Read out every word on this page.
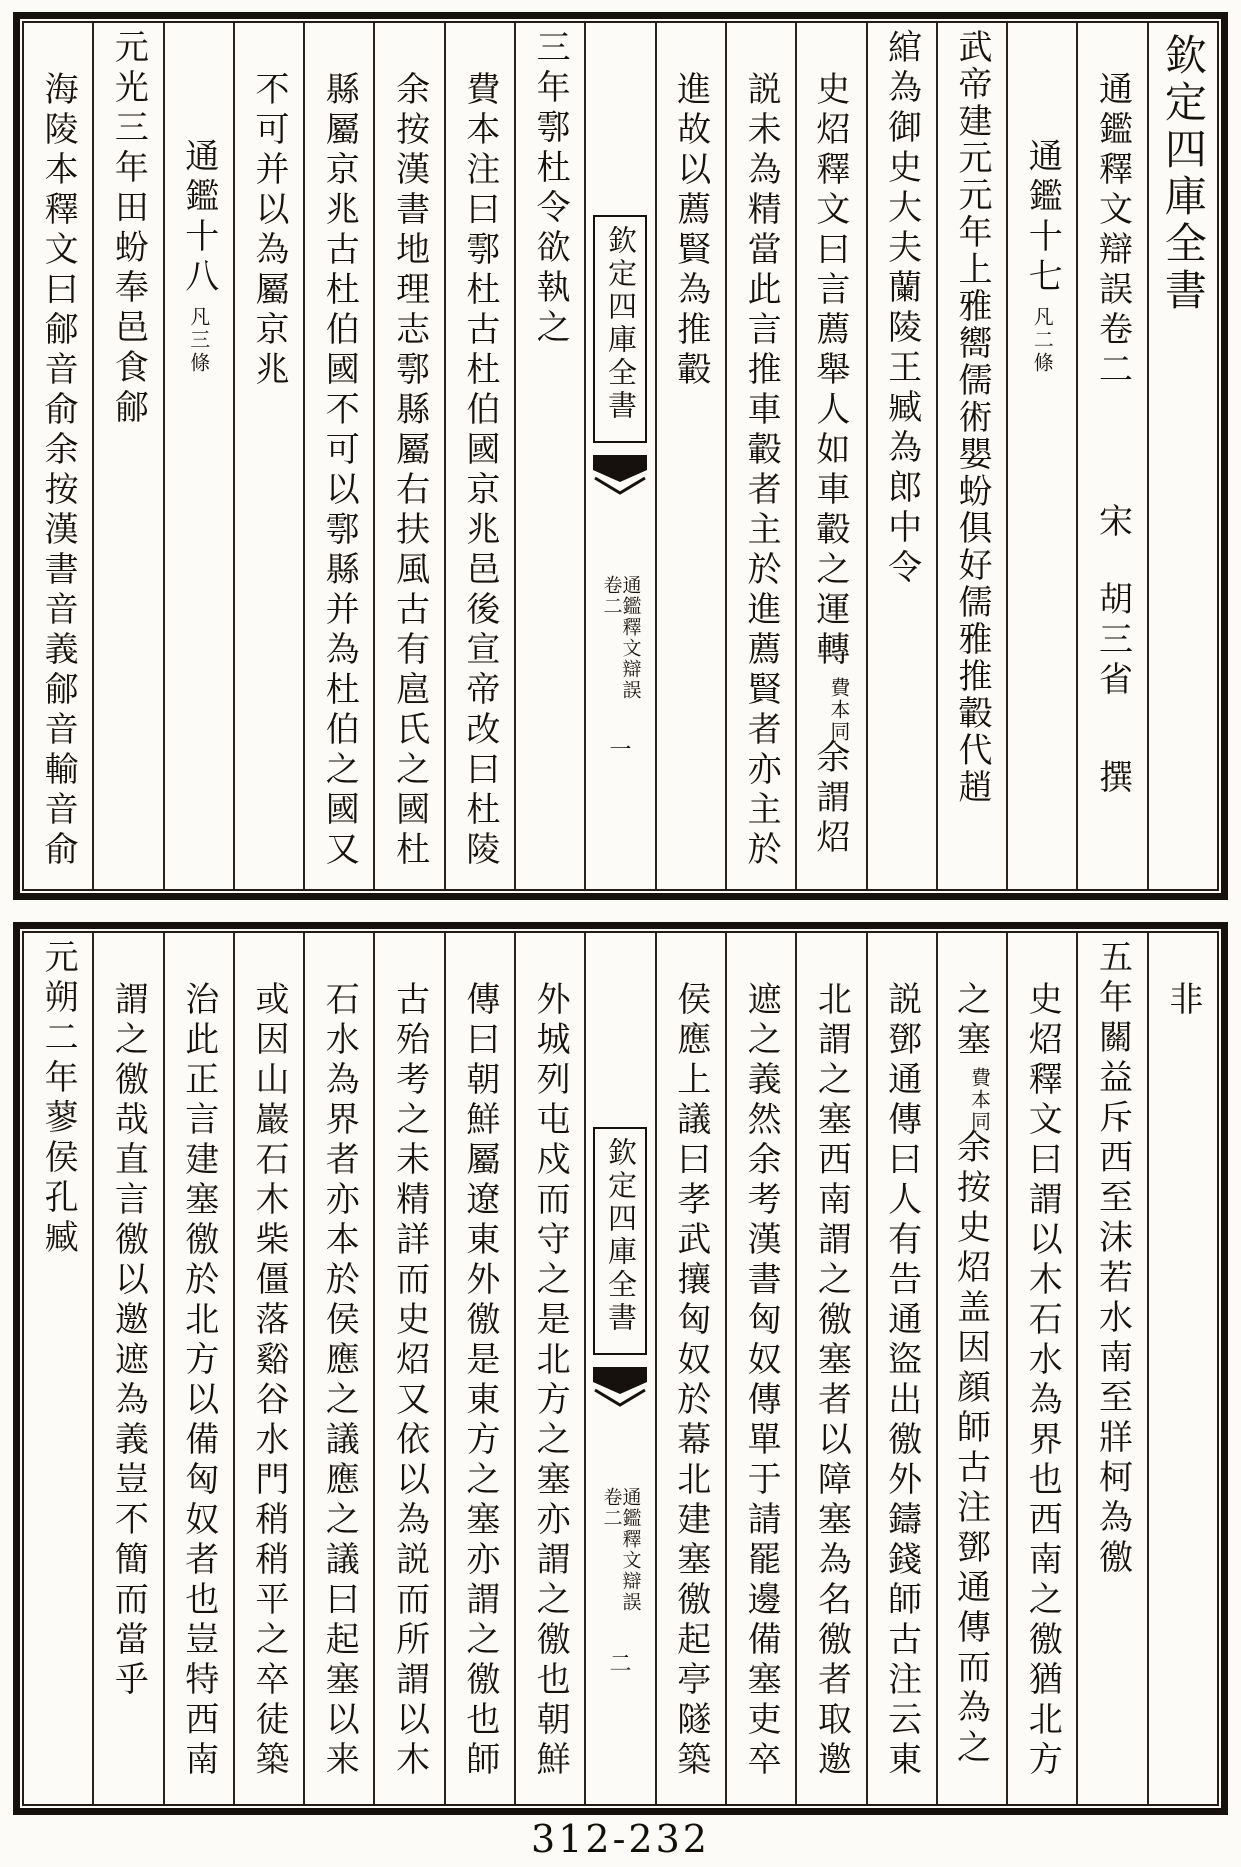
欽定四庫全書
通鑑釋文辯誤卷二宋胡三省撰
通鑑十七凡二條
武帝建元元年上雅嚮儒術嬰蚡俱好儒雅推轂代趙
綰為御史大夫蘭陵王臧為郎中令
史炤釋文曰言薦舉人如車轂之運轉費本同余謂炤
説未為精當此言推車轂者主於進薦賢者亦主於
進故以薦賢為推轂
欽定四庫全書
通鑑釋文辯誤
卷二
一
三年鄠杜令欲執之
費本注曰鄠杜古杜伯國京兆邑後宣帝改曰杜陵
余按漢書地理志鄠縣屬右扶風古有扈氏之國杜
縣屬京兆古杜伯國不可以鄠縣并為杜伯之國又
不可并以為屬京兆
通鑑十八凡三條
元光三年田蚡奉邑食鄃
海陵本釋文曰鄃音俞余按漢書音義鄃音輸音俞
非
五年關益斥西至沫若水南至牂柯為徼
史炤釋文曰謂以木石水為界也西南之徼猶北方
之塞費本同余按史炤盖因顔師古注鄧通傳而為之
説鄧通傳曰人有告通盜出徼外鑄錢師古注云東
北謂之塞西南謂之徼塞者以障塞為名徼者取邀
遮之義然余考漢書匈奴傳單于請罷邊備塞吏卒
侯應上議曰孝武攘匈奴於幕北建塞徼起亭隧築
欽定四庫全書
通鑑釋文辯誤
卷二
二
外城列屯戍而守之是北方之塞亦謂之徼也朝鮮
傳曰朝鮮屬遼東外徼是東方之塞亦謂之徼也師
古殆考之未精詳而史炤又依以為説而所謂以木
石水為界者亦本於侯應之議應之議曰起塞以来
或因山巖石木柴僵落谿谷水門稍稍平之卒徒築
治此正言建塞徼於北方以備匈奴者也豈特西南
謂之徼哉直言徼以邀遮為義豈不簡而當乎
元朔二年蓼侯孔臧
312-232
